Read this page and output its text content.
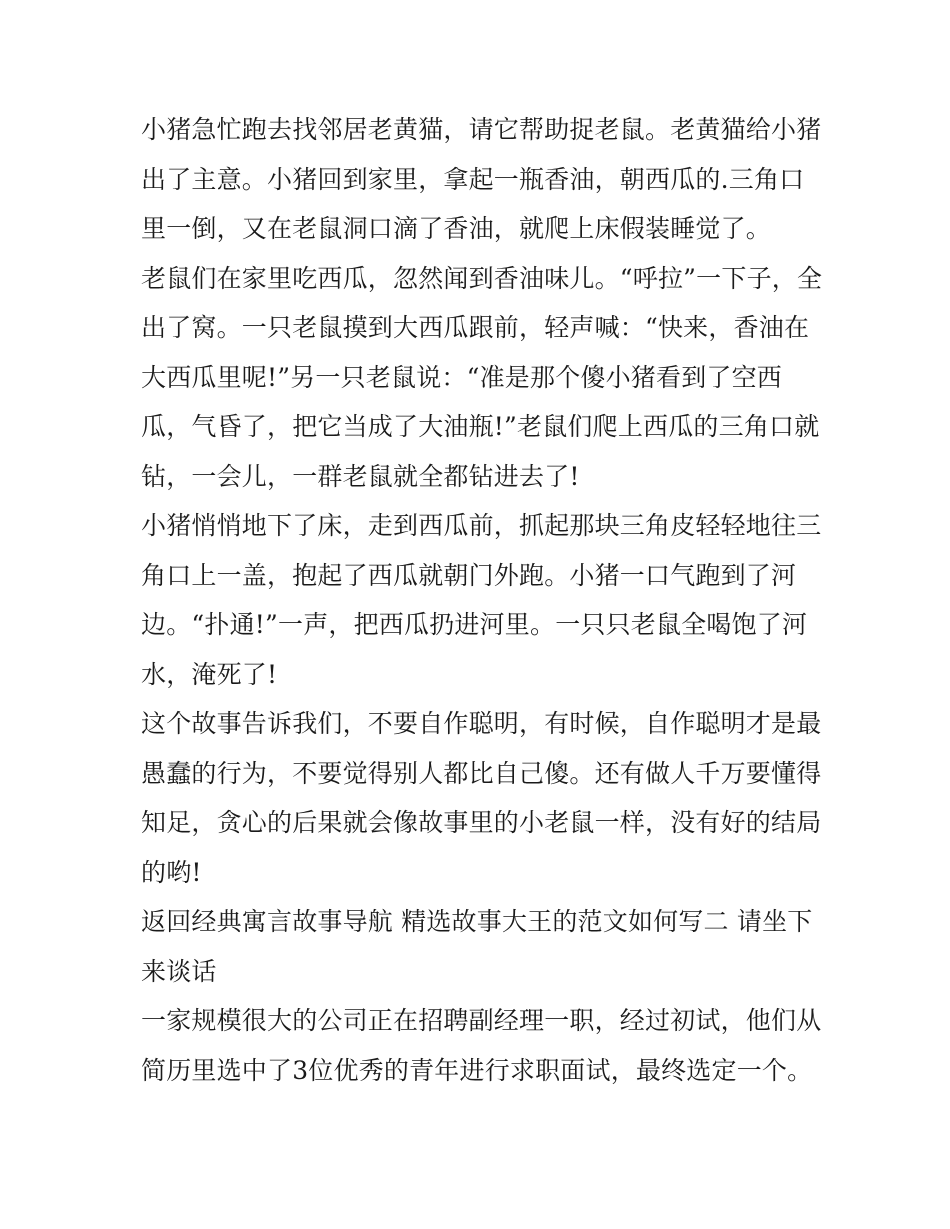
小猪急忙跑去找邻居老黄猫，请它帮助捉老鼠。老黄猫给小猪
出了主意。小猪回到家里，拿起一瓶香油，朝西瓜的.三角口
里一倒，又在老鼠洞口滴了香油，就爬上床假装睡觉了。

老鼠们在家里吃西瓜，忽然闻到香油味儿。“呼拉”一下子，全
出了窝。一只老鼠摸到大西瓜跟前，轻声喊：“快来，香油在
大西瓜里呢!”另一只老鼠说：“准是那个傻小猪看到了空西
瓜，气昏了，把它当成了大油瓶!”老鼠们爬上西瓜的三角口就
钻，一会儿，一群老鼠就全都钻进去了!

小猪悄悄地下了床，走到西瓜前，抓起那块三角皮轻轻地往三
角口上一盖，抱起了西瓜就朝门外跑。小猪一口气跑到了河
边。“扑通!”一声，把西瓜扔进河里。一只只老鼠全喝饱了河
水，淹死了!

这个故事告诉我们，不要自作聪明，有时候，自作聪明才是最
愚蠢的行为，不要觉得别人都比自己傻。还有做人千万要懂得
知足，贪心的后果就会像故事里的小老鼠一样，没有好的结局
的哟!

返回经典寓言故事导航 精选故事大王的范文如何写二 请坐下
来谈话

一家规模很大的公司正在招聘副经理一职，经过初试，他们从
简历里选中了3位优秀的青年进行求职面试，最终选定一个。
